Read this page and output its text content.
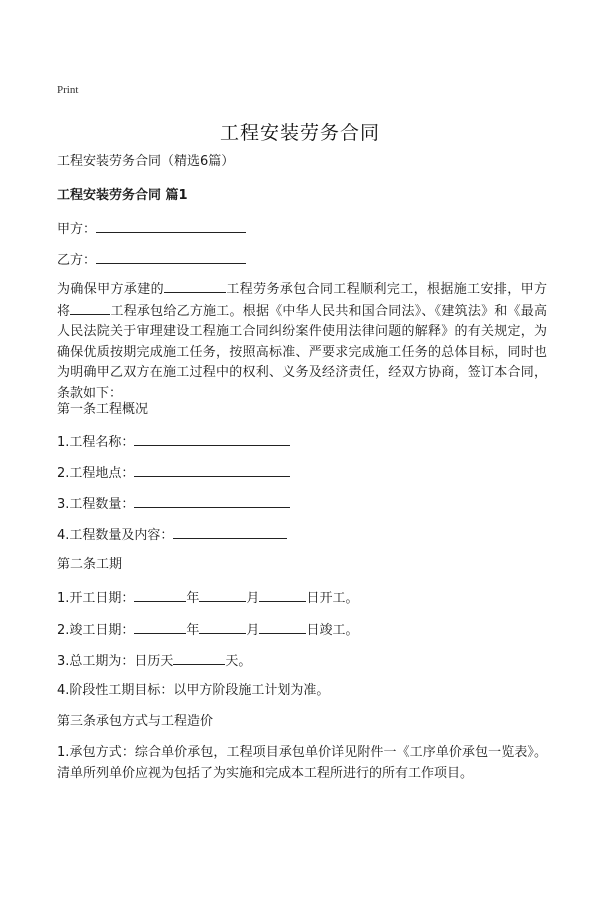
Print
工程安装劳务合同
工程安装劳务合同（精选6篇）
工程安装劳务合同 篇1
甲方：
乙方：
为确保甲方承建的	工程劳务承包合同工程顺利完工，根据施工安排，甲方将	工程承包给乙方施工。根据《中华人民共和国合同法》、《建筑法》和《最高人民法院关于审理建设工程施工合同纠纷案件使用法律问题的解释》的有关规定，为确保优质按期完成施工任务，按照高标准、严要求完成施工任务的总体目标，同时也为明确甲乙双方在施工过程中的权利、义务及经济责任，经双方协商，签订本合同，条款如下：
第一条工程概况
1.工程名称：
2.工程地点：
3.工程数量：
4.工程数量及内容：
第二条工期
1.开工日期：	年	月	日开工。
2.竣工日期：	年	月	日竣工。
3.总工期为：日历天	天。
4.阶段性工期目标：以甲方阶段施工计划为准。
第三条承包方式与工程造价
1.承包方式：综合单价承包，工程项目承包单价详见附件一《工序单价承包一览表》。清单所列单价应视为包括了为实施和完成本工程所进行的所有工作项目。
